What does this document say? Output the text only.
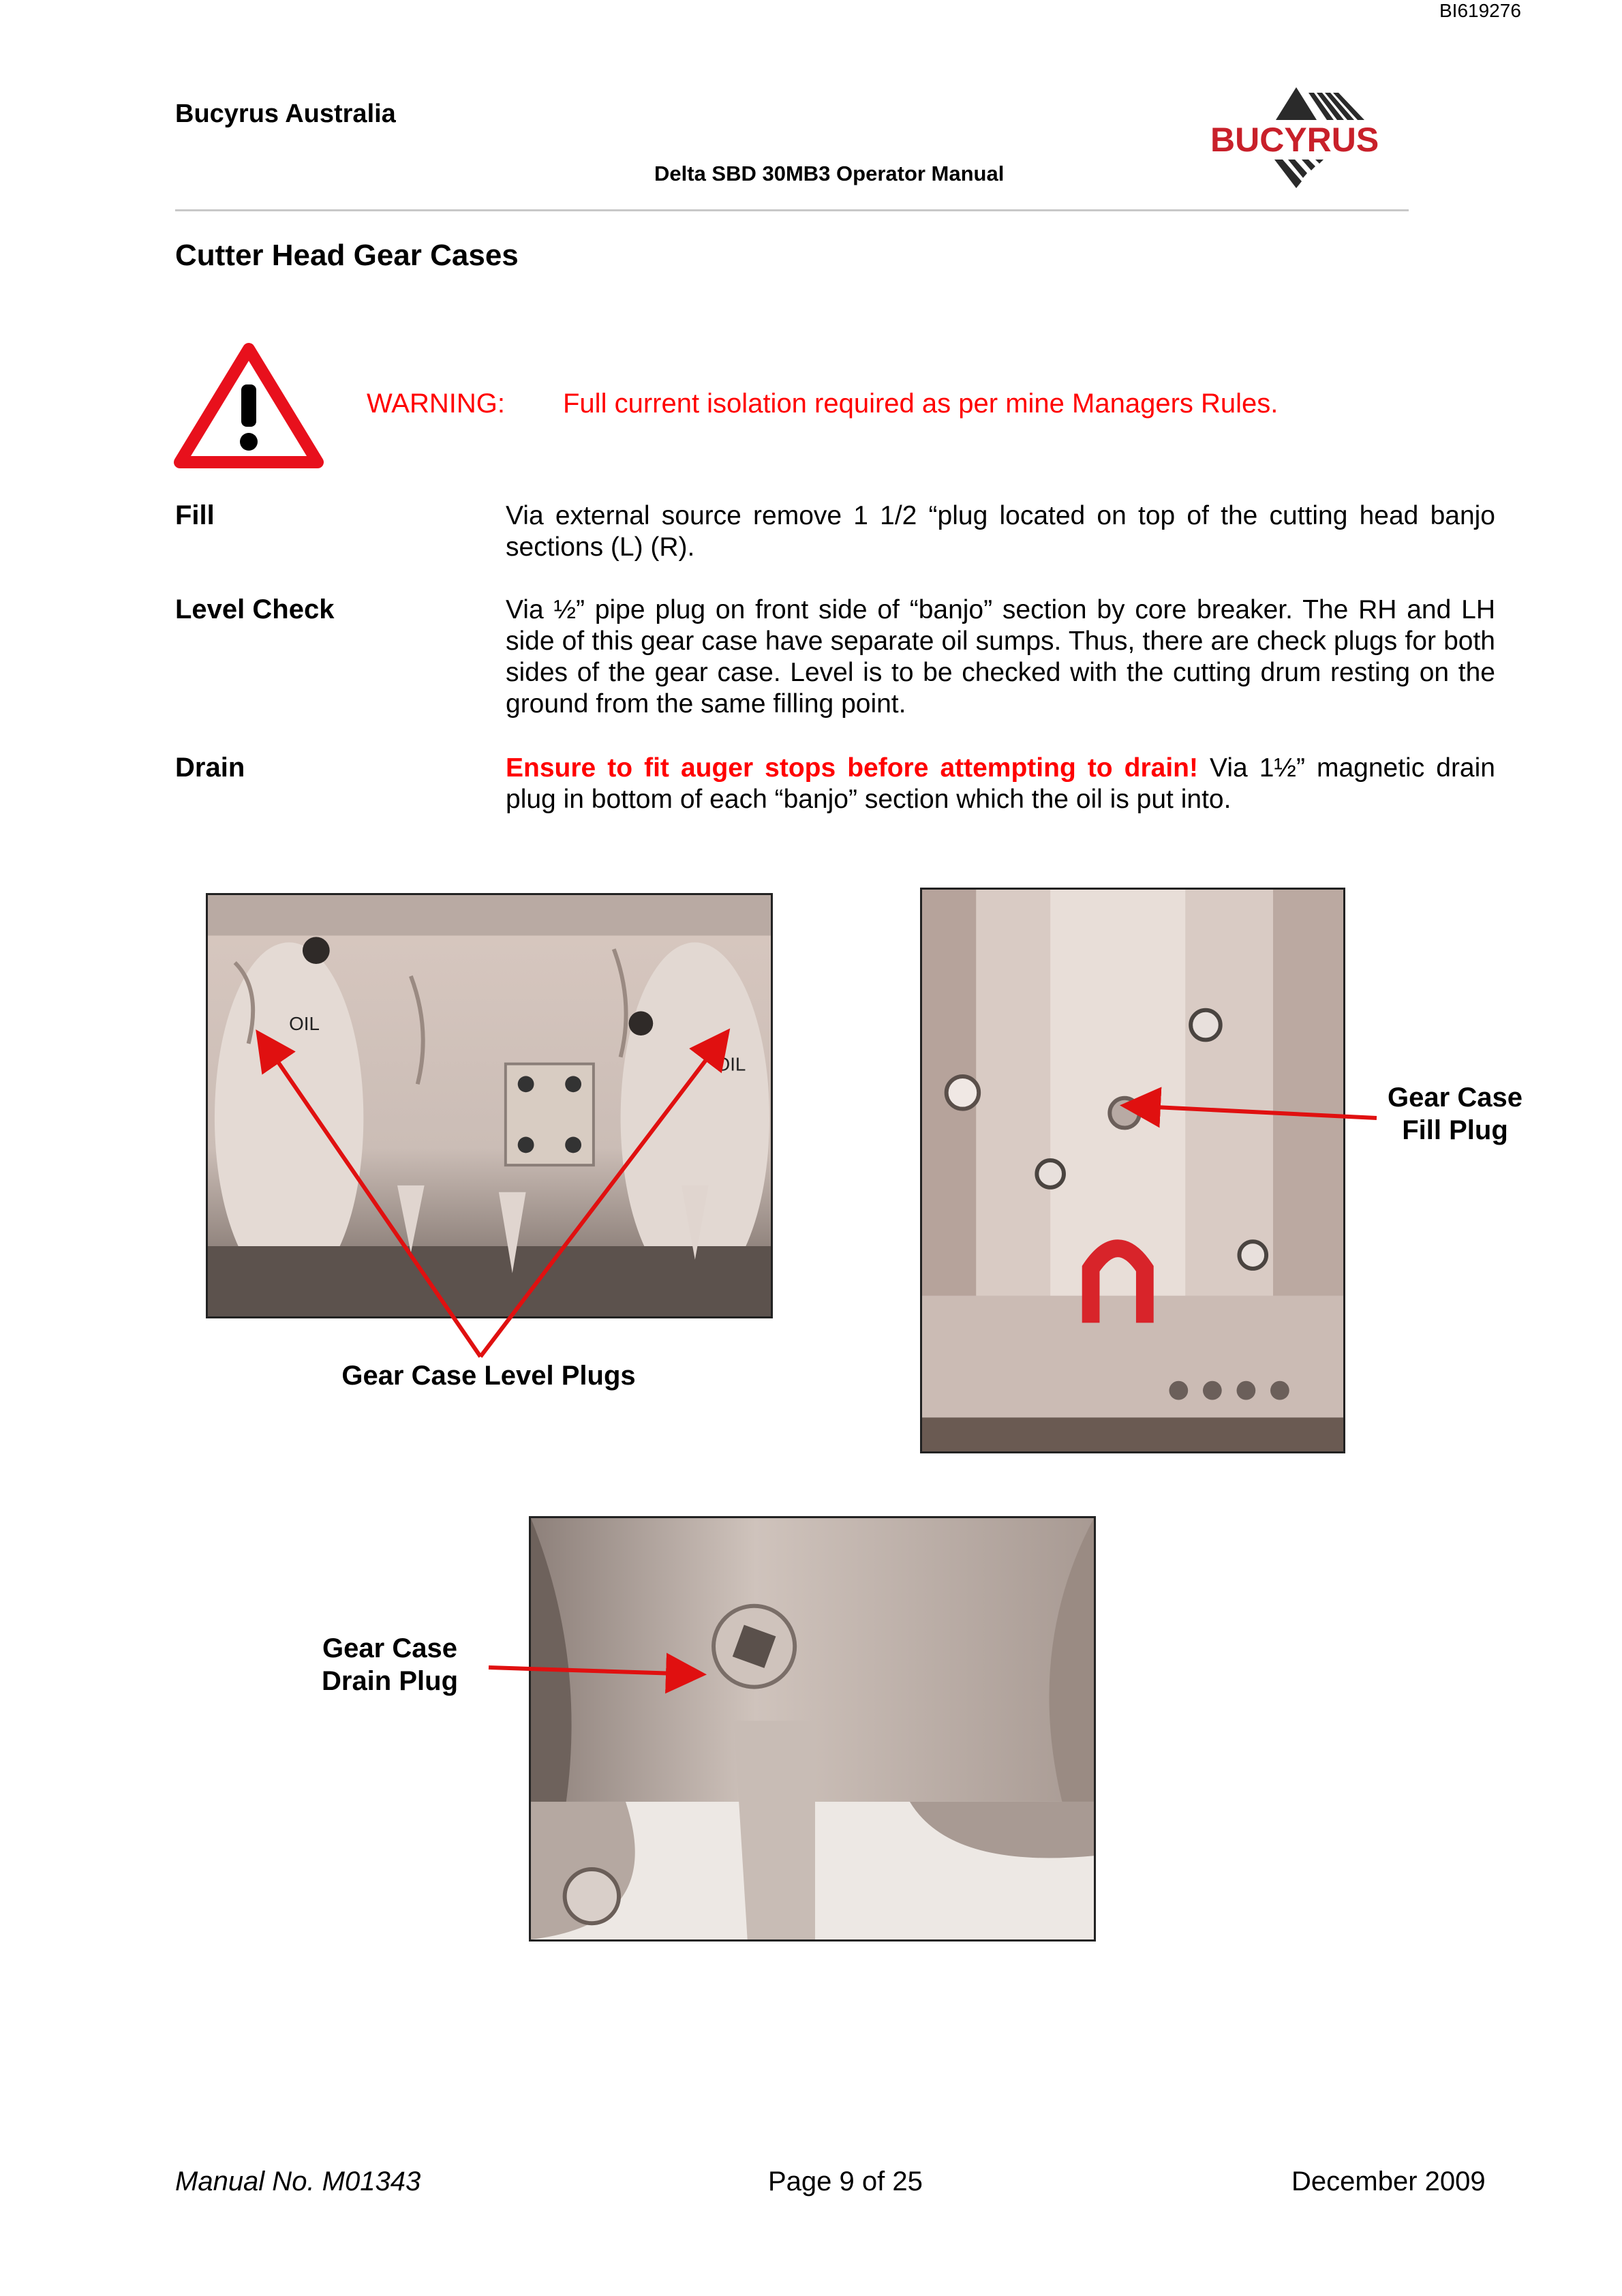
BI619276
Bucyrus Australia
Delta SBD 30MB3 Operator Manual
BUCYRUS
Cutter Head Gear Cases
WARNING: Full current isolation required as per mine Managers Rules.
Fill	Via external source remove 1 1/2 “plug located on top of the cutting head banjo sections (L) (R).
Level Check	Via ½” pipe plug on front side of “banjo” section by core breaker. The RH and LH side of this gear case have separate oil sumps. Thus, there are check plugs for both sides of the gear case. Level is to be checked with the cutting drum resting on the ground from the same filling point.
Drain	Ensure to fit auger stops before attempting to drain! Via 1½” magnetic drain plug in bottom of each “banjo” section which the oil is put into.
OIL
OIL
Gear Case Level Plugs
Gear Case
Fill Plug
Gear Case
Drain Plug
Manual No. M01343	Page 9 of 25	December 2009
